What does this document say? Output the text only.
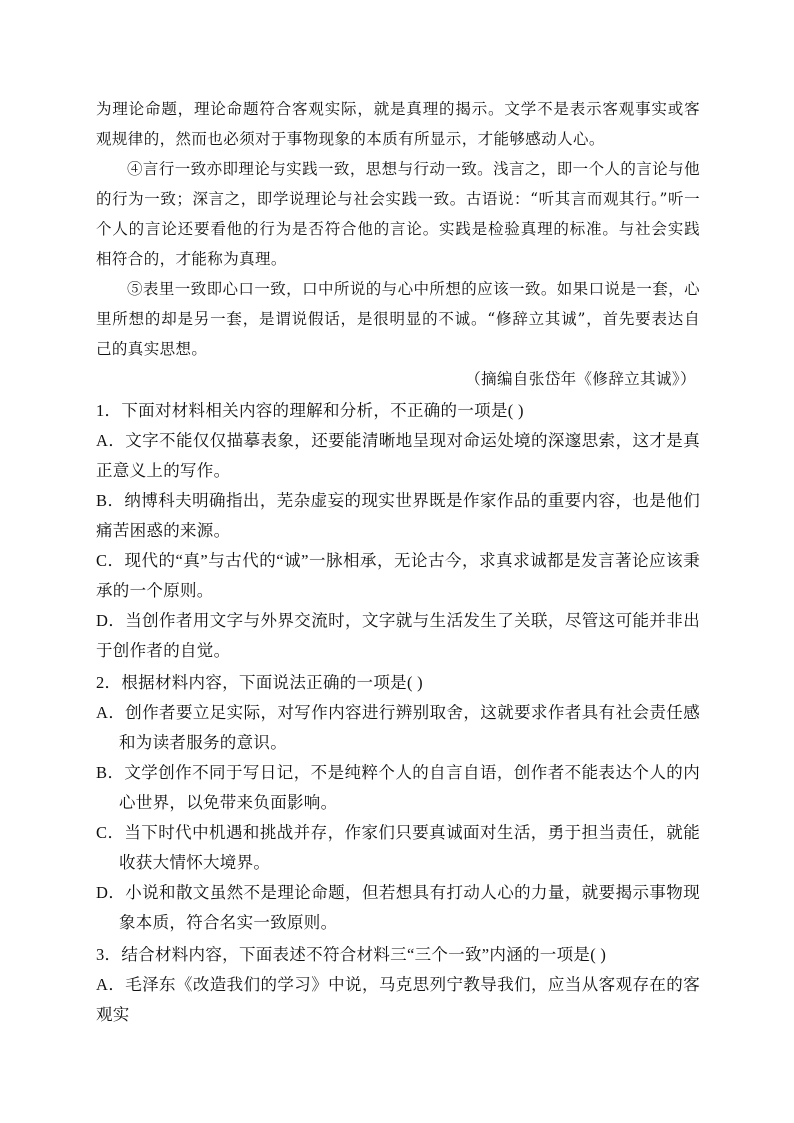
为理论命题，理论命题符合客观实际，就是真理的揭示。文学不是表示客观事实或客观规律的，然而也必须对于事物现象的本质有所显示，才能够感动人心。

④言行一致亦即理论与实践一致，思想与行动一致。浅言之，即一个人的言论与他的行为一致；深言之，即学说理论与社会实践一致。古语说：“听其言而观其行。”听一个人的言论还要看他的行为是否符合他的言论。实践是检验真理的标准。与社会实践相符合的，才能称为真理。

⑤表里一致即心口一致，口中所说的与心中所想的应该一致。如果口说是一套，心里所想的却是另一套，是谓说假话，是很明显的不诚。“修辞立其诚”，首先要表达自己的真实思想。

（摘编自张岱年《修辞立其诚》）

1．下面对材料相关内容的理解和分析，不正确的一项是( )

A．文字不能仅仅描摹表象，还要能清晰地呈现对命运处境的深邃思索，这才是真正意义上的写作。

B．纳博科夫明确指出，芜杂虚妄的现实世界既是作家作品的重要内容，也是他们痛苦困惑的来源。

C．现代的“真”与古代的“诚”一脉相承，无论古今，求真求诚都是发言著论应该秉承的一个原则。

D．当创作者用文字与外界交流时，文字就与生活发生了关联，尽管这可能并非出于创作者的自觉。

2．根据材料内容，下面说法正确的一项是( )

A．创作者要立足实际，对写作内容进行辨别取舍，这就要求作者具有社会责任感和为读者服务的意识。

B．文学创作不同于写日记，不是纯粹个人的自言自语，创作者不能表达个人的内心世界，以免带来负面影响。

C．当下时代中机遇和挑战并存，作家们只要真诚面对生活，勇于担当责任，就能收获大情怀大境界。

D．小说和散文虽然不是理论命题，但若想具有打动人心的力量，就要揭示事物现象本质，符合名实一致原则。

3．结合材料内容，下面表述不符合材料三“三个一致”内涵的一项是( )

A．毛泽东《改造我们的学习》中说，马克思列宁教导我们，应当从客观存在的客观实
